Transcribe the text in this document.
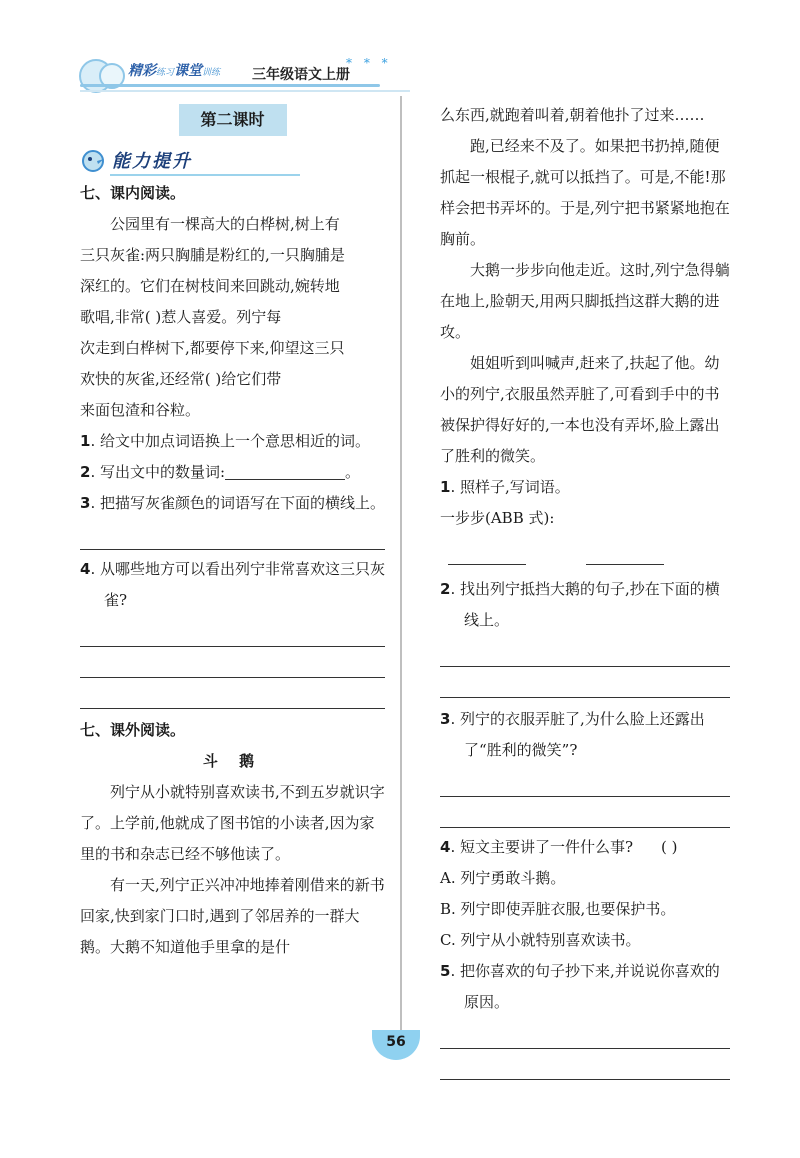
精彩练习课堂训练 三年级语文上册
* * *
第二课时
能力提升
七、课内阅读。

公园里有一棵高大的白桦树,树上有

三只灰雀:两只胸脯是粉红的,一只胸脯是

深红的。它们在树枝间来回跳动,婉转地

歌唱,非常( )惹人喜爱。列宁每

次走到白桦树下,都要停下来,仰望这三只

欢快的灰雀,还经常( )给它们带

来面包渣和谷粒。

1. 给文中加点词语换上一个意思相近的词。

2. 写出文中的数量词:	。

3. 把描写灰雀颜色的词语写在下面的横线上。

4. 从哪些地方可以看出列宁非常喜欢这三只灰雀?

七、课外阅读。
斗 鹅

列宁从小就特别喜欢读书,不到五岁就识字了。上学前,他就成了图书馆的小读者,因为家里的书和杂志已经不够他读了。

有一天,列宁正兴冲冲地捧着刚借来的新书回家,快到家门口时,遇到了邻居养的一群大鹅。大鹅不知道他手里拿的是什

么东西,就跑着叫着,朝着他扑了过来……

跑,已经来不及了。如果把书扔掉,随便抓起一根棍子,就可以抵挡了。可是,不能!那样会把书弄坏的。于是,列宁把书紧紧地抱在胸前。

大鹅一步步向他走近。这时,列宁急得躺在地上,脸朝天,用两只脚抵挡这群大鹅的进攻。

姐姐听到叫喊声,赶来了,扶起了他。幼小的列宁,衣服虽然弄脏了,可看到手中的书被保护得好好的,一本也没有弄坏,脸上露出了胜利的微笑。

1. 照样子,写词语。

一步步(ABB 式):

2. 找出列宁抵挡大鹅的句子,抄在下面的横线上。

3. 列宁的衣服弄脏了,为什么脸上还露出了“胜利的微笑”?

4. 短文主要讲了一件什么事? ( )

A. 列宁勇敢斗鹅。

B. 列宁即使弄脏衣服,也要保护书。

C. 列宁从小就特别喜欢读书。

5. 把你喜欢的句子抄下来,并说说你喜欢的原因。

56
